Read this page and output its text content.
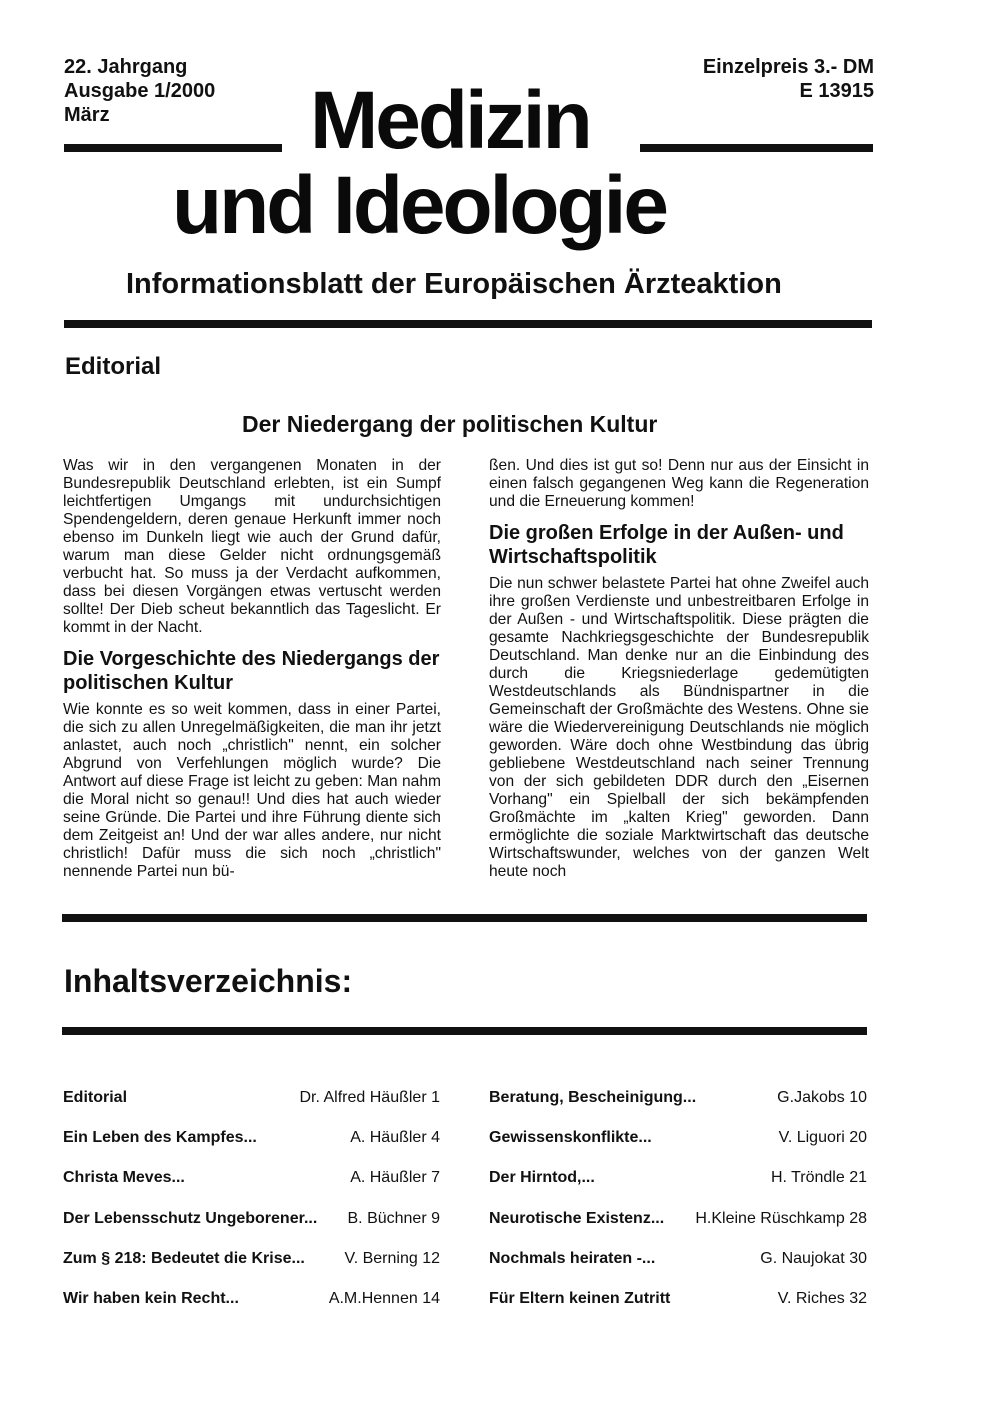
22. Jahrgang
Ausgabe 1/2000
März
Einzelpreis 3.- DM
E 13915
Medizin
und Ideologie
Informationsblatt der Europäischen Ärzteaktion
Editorial
Der Niedergang der politischen Kultur

Was wir in den vergangenen Monaten in der Bundesrepublik Deutschland erlebten, ist ein Sumpf leichtfertigen Umgangs mit undurchsichtigen Spendengeldern, deren genaue Herkunft immer noch ebenso im Dunkeln liegt wie auch der Grund dafür, warum man diese Gelder nicht ordnungsgemäß verbucht hat. So muss ja der Verdacht aufkommen, dass bei diesen Vorgängen etwas vertuscht werden sollte! Der Dieb scheut bekanntlich das Tageslicht. Er kommt in der Nacht.

Die Vorgeschichte des Niedergangs der politischen Kultur

Wie konnte es so weit kommen, dass in einer Partei, die sich zu allen Unregelmäßigkeiten, die man ihr jetzt anlastet, auch noch „christlich" nennt, ein solcher Abgrund von Verfehlungen möglich wurde? Die Antwort auf diese Frage ist leicht zu geben: Man nahm die Moral nicht so genau!! Und dies hat auch wieder seine Gründe. Die Partei und ihre Führung diente sich dem Zeitgeist an! Und der war alles andere, nur nicht christlich! Dafür muss die sich noch „christlich" nennende Partei nun bü-

ßen. Und dies ist gut so! Denn nur aus der Einsicht in einen falsch gegangenen Weg kann die Regeneration und die Erneuerung kommen!

Die großen Erfolge in der Außen- und Wirtschaftspolitik

Die nun schwer belastete Partei hat ohne Zweifel auch ihre großen Verdienste und unbestreitbaren Erfolge in der Außen - und Wirtschaftspolitik. Diese prägten die gesamte Nachkriegsgeschichte der Bundesrepublik Deutschland. Man denke nur an die Einbindung des durch die Kriegsniederlage gedemütigten Westdeutschlands als Bündnispartner in die Gemeinschaft der Großmächte des Westens. Ohne sie wäre die Wiedervereinigung Deutschlands nie möglich geworden. Wäre doch ohne Westbindung das übrig gebliebene Westdeutschland nach seiner Trennung von der sich gebildeten DDR durch den „Eisernen Vorhang" ein Spielball der sich bekämpfenden Großmächte im „kalten Krieg" geworden. Dann ermöglichte die soziale Marktwirtschaft das deutsche Wirtschaftswunder, welches von der ganzen Welt heute noch

Inhaltsverzeichnis:
Editorial	Dr. Alfred Häußler 1
Ein Leben des Kampfes...	A. Häußler 4
Christa Meves...	A. Häußler 7
Der Lebensschutz Ungeborener... B. Büchner 9
Zum § 218: Bedeutet die Krise... V. Berning 12
Wir haben kein Recht...	A.M.Hennen 14
Beratung, Bescheinigung...	G.Jakobs 10
Gewissenskonflikte...	V. Liguori 20
Der Hirntod,...	H. Tröndle 21
Neurotische Existenz... H.Kleine Rüschkamp 28
Nochmals heiraten -...	G. Naujokat 30
Für Eltern keinen Zutritt	V. Riches 32
